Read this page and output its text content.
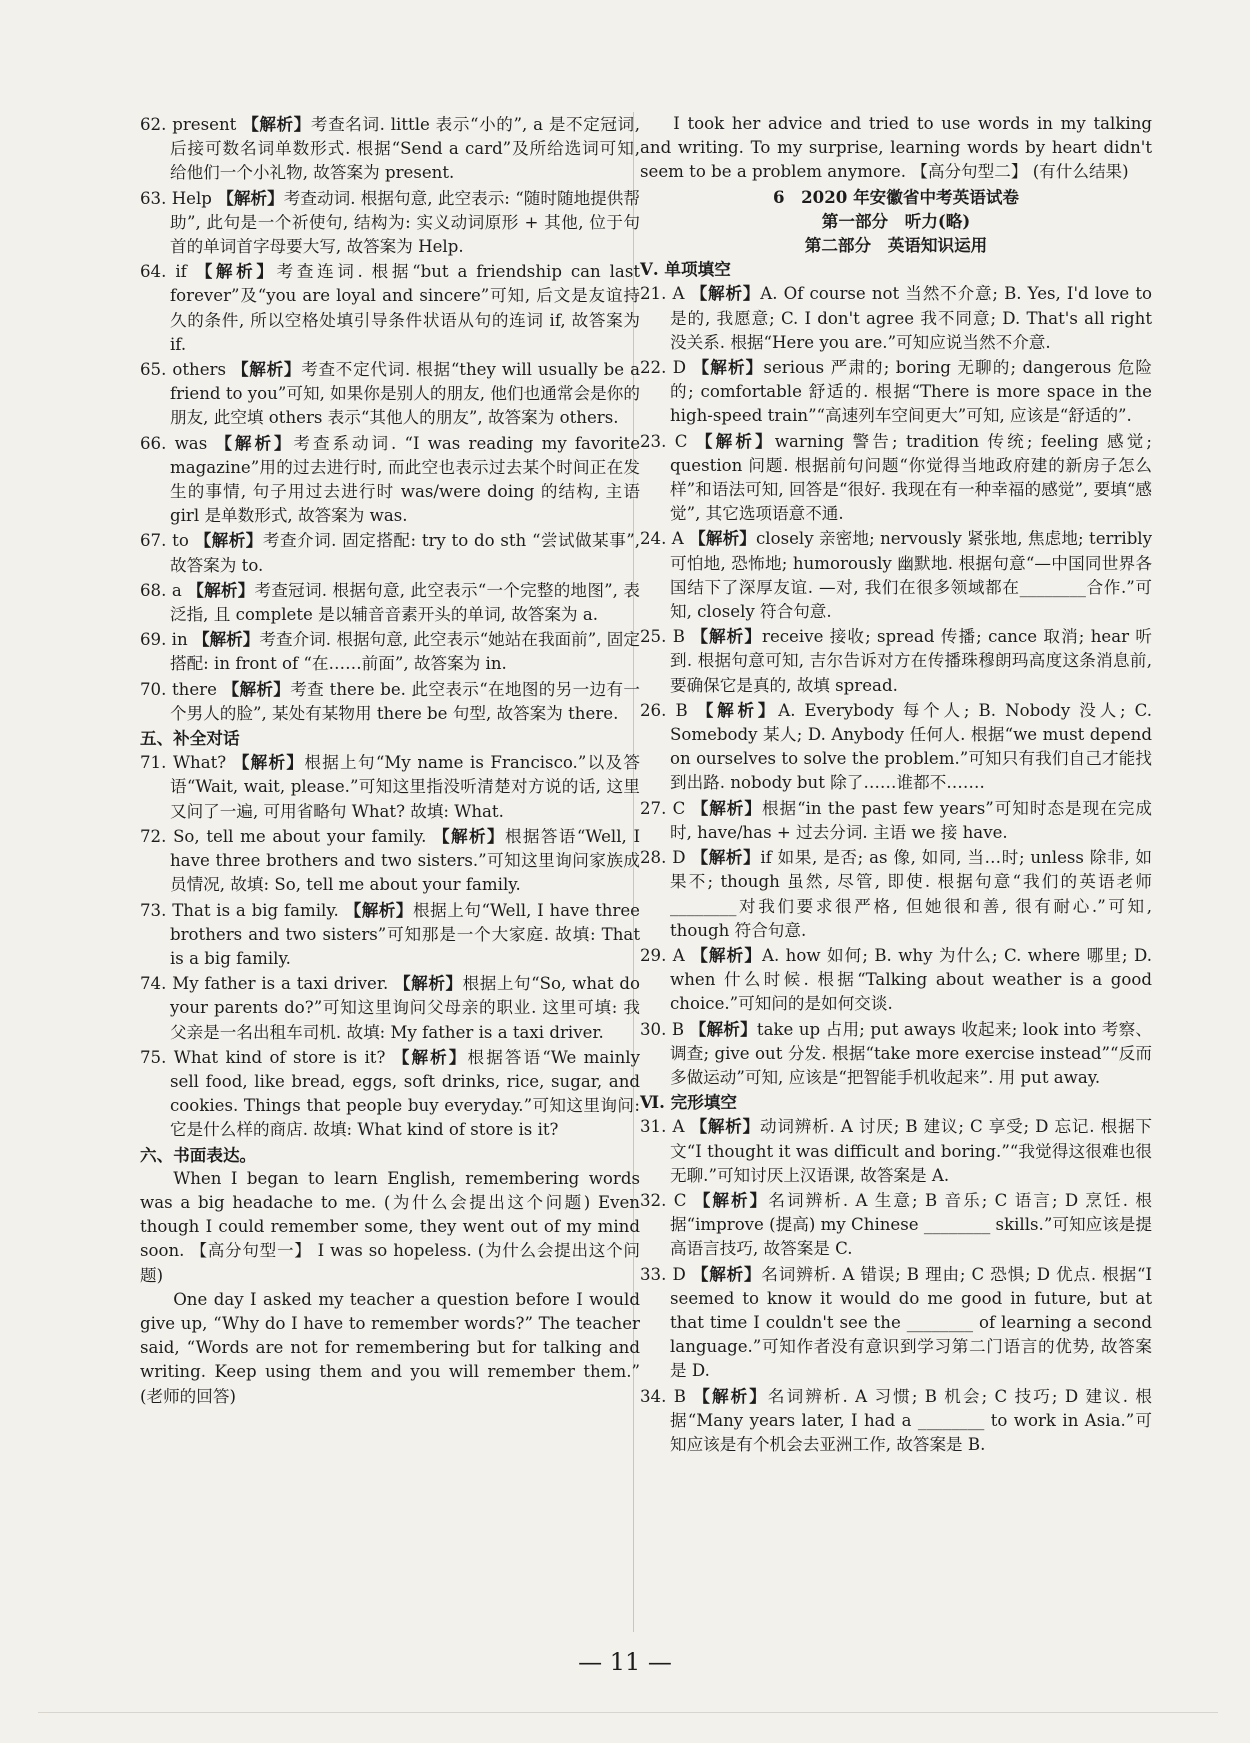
62. present 【解析】考查名词. little 表示“小的”, a 是不定冠词, 后接可数名词单数形式. 根据“Send a card”及所给选词可知, 给他们一个小礼物, 故答案为 present.

63. Help 【解析】考查动词. 根据句意, 此空表示: “随时随地提供帮助”, 此句是一个祈使句, 结构为: 实义动词原形 + 其他, 位于句首的单词首字母要大写, 故答案为 Help.

64. if 【解析】考查连词. 根据“but a friendship can last forever”及“you are loyal and sincere”可知, 后文是友谊持久的条件, 所以空格处填引导条件状语从句的连词 if, 故答案为 if.

65. others 【解析】考查不定代词. 根据“they will usually be a friend to you”可知, 如果你是别人的朋友, 他们也通常会是你的朋友, 此空填 others 表示“其他人的朋友”, 故答案为 others.

66. was 【解析】考查系动词. “I was reading my favorite magazine”用的过去进行时, 而此空也表示过去某个时间正在发生的事情, 句子用过去进行时 was/were doing 的结构, 主语 girl 是单数形式, 故答案为 was.

67. to 【解析】考查介词. 固定搭配: try to do sth “尝试做某事”, 故答案为 to.

68. a 【解析】考查冠词. 根据句意, 此空表示“一个完整的地图”, 表泛指, 且 complete 是以辅音音素开头的单词, 故答案为 a.

69. in 【解析】考查介词. 根据句意, 此空表示“她站在我面前”, 固定搭配: in front of “在……前面”, 故答案为 in.

70. there 【解析】考查 there be. 此空表示“在地图的另一边有一个男人的脸”, 某处有某物用 there be 句型, 故答案为 there.

五、补全对话

71. What? 【解析】根据上句“My name is Francisco.”以及答语“Wait, wait, please.”可知这里指没听清楚对方说的话, 这里又问了一遍, 可用省略句 What? 故填: What.

72. So, tell me about your family. 【解析】根据答语“Well, I have three brothers and two sisters.”可知这里询问家族成员情况, 故填: So, tell me about your family.

73. That is a big family. 【解析】根据上句“Well, I have three brothers and two sisters”可知那是一个大家庭. 故填: That is a big family.

74. My father is a taxi driver. 【解析】根据上句“So, what do your parents do?”可知这里询问父母亲的职业. 这里可填: 我父亲是一名出租车司机. 故填: My father is a taxi driver.

75. What kind of store is it? 【解析】根据答语“We mainly sell food, like bread, eggs, soft drinks, rice, sugar, and cookies. Things that people buy everyday.”可知这里询问: 它是什么样的商店. 故填: What kind of store is it?

六、书面表达。

When I began to learn English, remembering words was a big headache to me. (为什么会提出这个问题) Even though I could remember some, they went out of my mind soon. 【高分句型一】 I was so hopeless. (为什么会提出这个问题)

One day I asked my teacher a question before I would give up, “Why do I have to remember words?” The teacher said, “Words are not for remembering but for talking and writing. Keep using them and you will remember them.” (老师的回答)

I took her advice and tried to use words in my talking and writing. To my surprise, learning words by heart didn't seem to be a problem anymore. 【高分句型二】 (有什么结果)

6　2020 年安徽省中考英语试卷

第一部分　听力(略)

第二部分　英语知识运用

Ⅴ. 单项填空

21. A 【解析】A. Of course not 当然不介意; B. Yes, I'd love to 是的, 我愿意; C. I don't agree 我不同意; D. That's all right 没关系. 根据“Here you are.”可知应说当然不介意.

22. D 【解析】serious 严肃的; boring 无聊的; dangerous 危险的; comfortable 舒适的. 根据“There is more space in the high-speed train”“高速列车空间更大”可知, 应该是“舒适的”.

23. C 【解析】warning 警告; tradition 传统; feeling 感觉; question 问题. 根据前句问题“你觉得当地政府建的新房子怎么样”和语法可知, 回答是“很好. 我现在有一种幸福的感觉”, 要填“感觉”, 其它选项语意不通.

24. A 【解析】closely 亲密地; nervously 紧张地, 焦虑地; terribly 可怕地, 恐怖地; humorously 幽默地. 根据句意“—中国同世界各国结下了深厚友谊. —对, 我们在很多领域都在________合作.”可知, closely 符合句意.

25. B 【解析】receive 接收; spread 传播; cance 取消; hear 听到. 根据句意可知, 吉尔告诉对方在传播珠穆朗玛高度这条消息前, 要确保它是真的, 故填 spread.

26. B 【解析】A. Everybody 每个人; B. Nobody 没人; C. Somebody 某人; D. Anybody 任何人. 根据“we must depend on ourselves to solve the problem.”可知只有我们自己才能找到出路. nobody but 除了……谁都不…….

27. C 【解析】根据“in the past few years”可知时态是现在完成时, have/has + 过去分词. 主语 we 接 have.

28. D 【解析】if 如果, 是否; as 像, 如同, 当…时; unless 除非, 如果不; though 虽然, 尽管, 即使. 根据句意“我们的英语老师________对我们要求很严格, 但她很和善, 很有耐心.”可知, though 符合句意.

29. A 【解析】A. how 如何; B. why 为什么; C. where 哪里; D. when 什么时候. 根据“Talking about weather is a good choice.”可知问的是如何交谈.

30. B 【解析】take up 占用; put aways 收起来; look into 考察、调查; give out 分发. 根据“take more exercise instead”“反而多做运动”可知, 应该是“把智能手机收起来”. 用 put away.

Ⅵ. 完形填空

31. A 【解析】动词辨析. A 讨厌; B 建议; C 享受; D 忘记. 根据下文“I thought it was difficult and boring.”“我觉得这很难也很无聊.”可知讨厌上汉语课, 故答案是 A.

32. C 【解析】名词辨析. A 生意; B 音乐; C 语言; D 烹饪. 根据“improve (提高) my Chinese ________ skills.”可知应该是提高语言技巧, 故答案是 C.

33. D 【解析】名词辨析. A 错误; B 理由; C 恐惧; D 优点. 根据“I seemed to know it would do me good in future, but at that time I couldn't see the ________ of learning a second language.”可知作者没有意识到学习第二门语言的优势, 故答案是 D.

34. B 【解析】名词辨析. A 习惯; B 机会; C 技巧; D 建议. 根据“Many years later, I had a ________ to work in Asia.”可知应该是有个机会去亚洲工作, 故答案是 B.

— 11 —
